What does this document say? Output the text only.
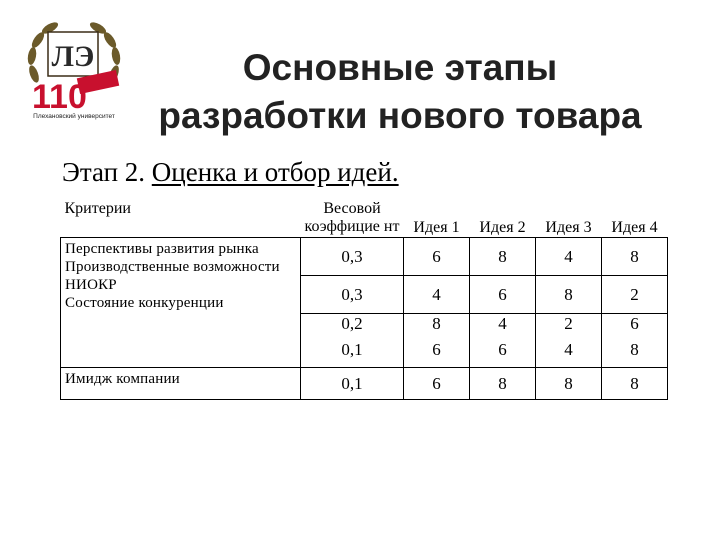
ЛЭ
110
Плехановский университет
Основные этапы
разработки нового товара
Этап 2. Оценка и отбор идей.
Критерии	Весовой коэффицие нт	Идея 1	Идея 2	Идея 3	Идея 4

Перспективы развития рынка
Производственные возможности
НИОКР
Состояние конкуренции	0,3	6	8	4	8
	0,3	4	6	8	2
	0,2	8	4	2	6
	0,1	6	6	4	8
Имидж компании	0,1	6	8	8	8
